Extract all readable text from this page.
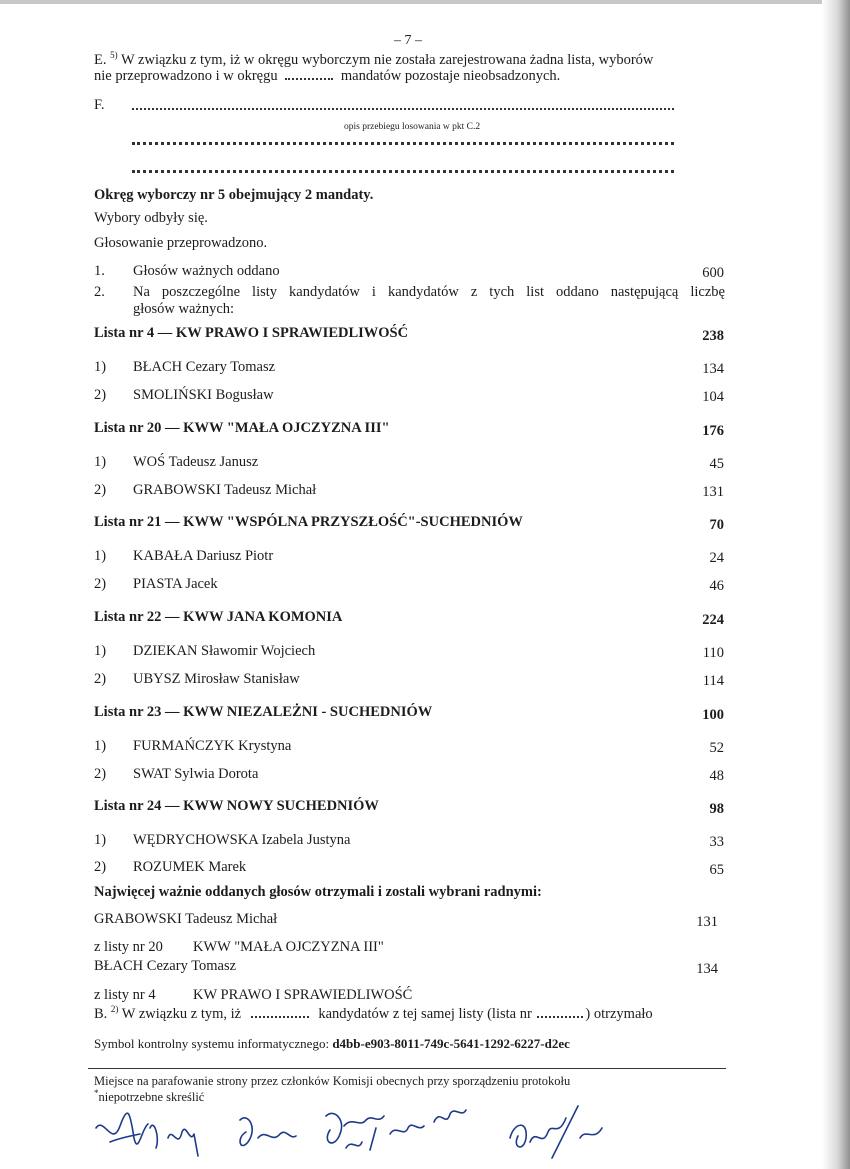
– 7 –
E. $^{5)}$ W związku z tym, iż w okręgu wyborczym nie została zarejestrowana żadna lista, wyborów
nie przeprowadzono i w okręgu	mandatów pozostaje nieobsadzonych.
F.
opis przebiegu losowania w pkt C.2
Okręg wyborczy nr 5 obejmujący 2 mandaty.
Wybory odbyły się.
Głosowanie przeprowadzono.
1. Głosów ważnych oddano	600
2. Na poszczególne listy kandydatów i kandydatów z tych list oddano następującą liczbę
głosów ważnych:
Lista nr 4 — KW PRAWO I SPRAWIEDLIWOŚĆ	238
1) BŁACH Cezary Tomasz	134
2) SMOLIŃSKI Bogusław	104
Lista nr 20 — KWW "MAŁA OJCZYZNA III"	176
1) WOŚ Tadeusz Janusz	45
2) GRABOWSKI Tadeusz Michał	131
Lista nr 21 — KWW "WSPÓLNA PRZYSZŁOŚĆ"-SUCHEDNIÓW	70
1) KABAŁA Dariusz Piotr	24
2) PIASTA Jacek	46
Lista nr 22 — KWW JANA KOMONIA	224
1) DZIEKAN Sławomir Wojciech	110
2) UBYSZ Mirosław Stanisław	114
Lista nr 23 — KWW NIEZALEŻNI - SUCHEDNIÓW	100
1) FURMAŃCZYK Krystyna	52
2) SWAT Sylwia Dorota	48
Lista nr 24 — KWW NOWY SUCHEDNIÓW	98
1) WĘDRYCHOWSKA Izabela Justyna	33
2) ROZUMEK Marek	65
Najwięcej ważnie oddanych głosów otrzymali i zostali wybrani radnymi:
GRABOWSKI Tadeusz Michał	131
z listy nr 20 KWW "MAŁA OJCZYZNA III"
BŁACH Cezary Tomasz	134
z listy nr 4	KW PRAWO I SPRAWIEDLIWOŚĆ
B. $^{2)}$ W związku z tym, iż	kandydatów z tej samej listy (lista nr	) otrzymało
Symbol kontrolny systemu informatycznego: d4bb-e903-8011-749c-5641-1292-6227-d2ec
Miejsce na parafowanie strony przez członków Komisji obecnych przy sporządzeniu protokołu
*niepotrzebne skreślić
